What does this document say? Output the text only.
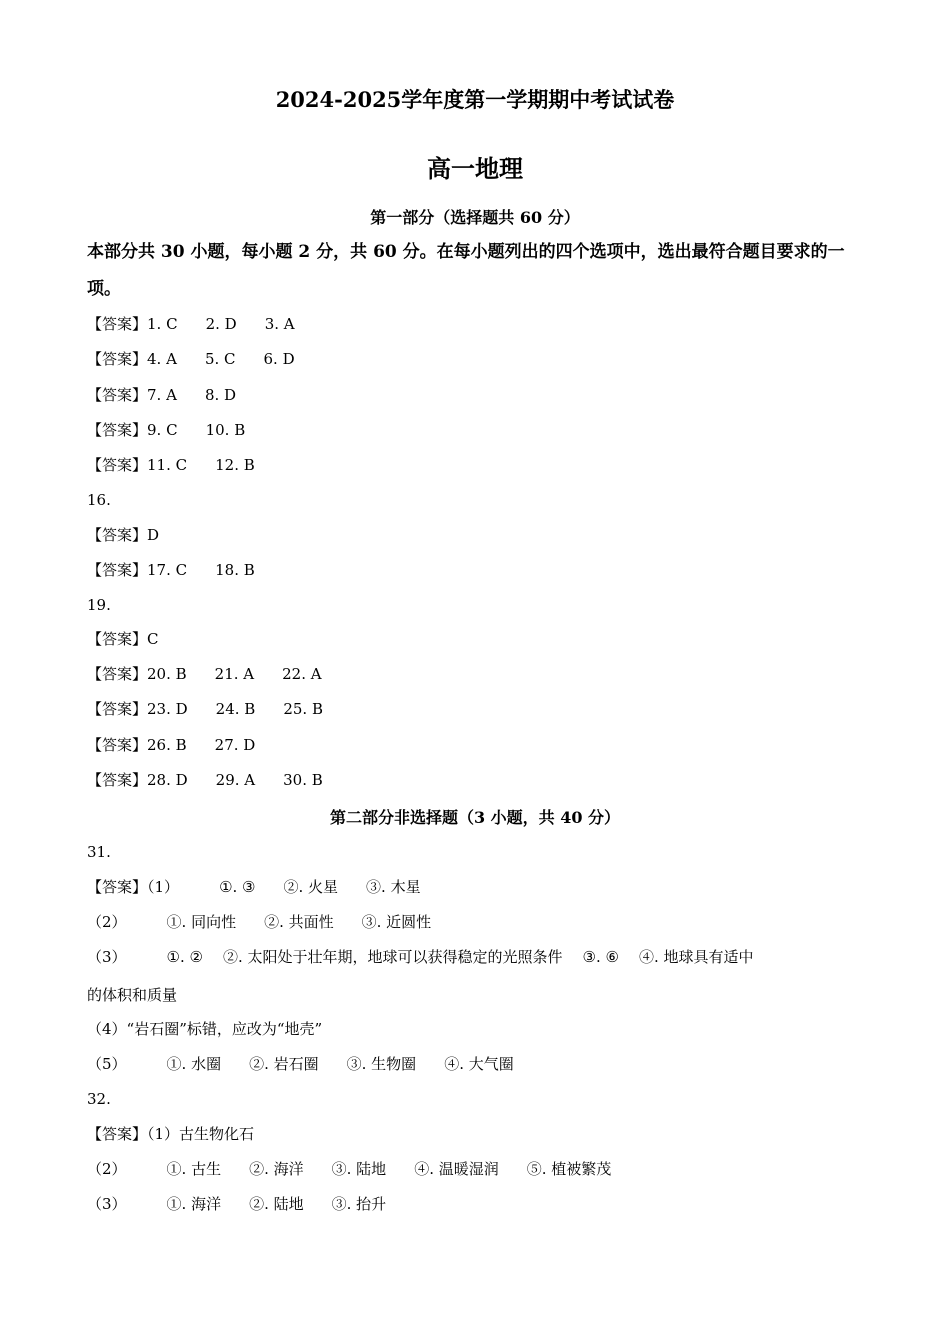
2024-2025学年度第一学期期中考试试卷
高一地理
第一部分（选择题共 60 分）
本部分共 30 小题，每小题 2 分，共 60 分。在每小题列出的四个选项中，选出最符合题目要求的一项。
【答案】1. C 2. D 3. A
【答案】4. A 5. C 6. D
【答案】7. A 8. D
【答案】9. C 10. B
【答案】11. C 12. B
16.
【答案】D
【答案】17. C 18. B
19.
【答案】C
【答案】20. B 21. A 22. A
【答案】23. D 24. B 25. B
【答案】26. B 27. D
【答案】28. D 29. A 30. B
第二部分非选择题（3 小题，共 40 分）
31.
【答案】（1）	①. ③ ②. 火星 ③. 木星
（2）	①. 同向性 ②. 共面性 ③. 近圆性
（3）	①. ② ②. 太阳处于壮年期，地球可以获得稳定的光照条件 ③. ⑥ ④. 地球具有适中
的体积和质量
（4）“岩石圈”标错，应改为“地壳”
（5）	①. 水圈 ②. 岩石圈 ③. 生物圈 ④. 大气圈
32.
【答案】（1）古生物化石
（2）	①. 古生 ②. 海洋 ③. 陆地 ④. 温暖湿润 ⑤. 植被繁茂
（3）	①. 海洋 ②. 陆地 ③. 抬升
